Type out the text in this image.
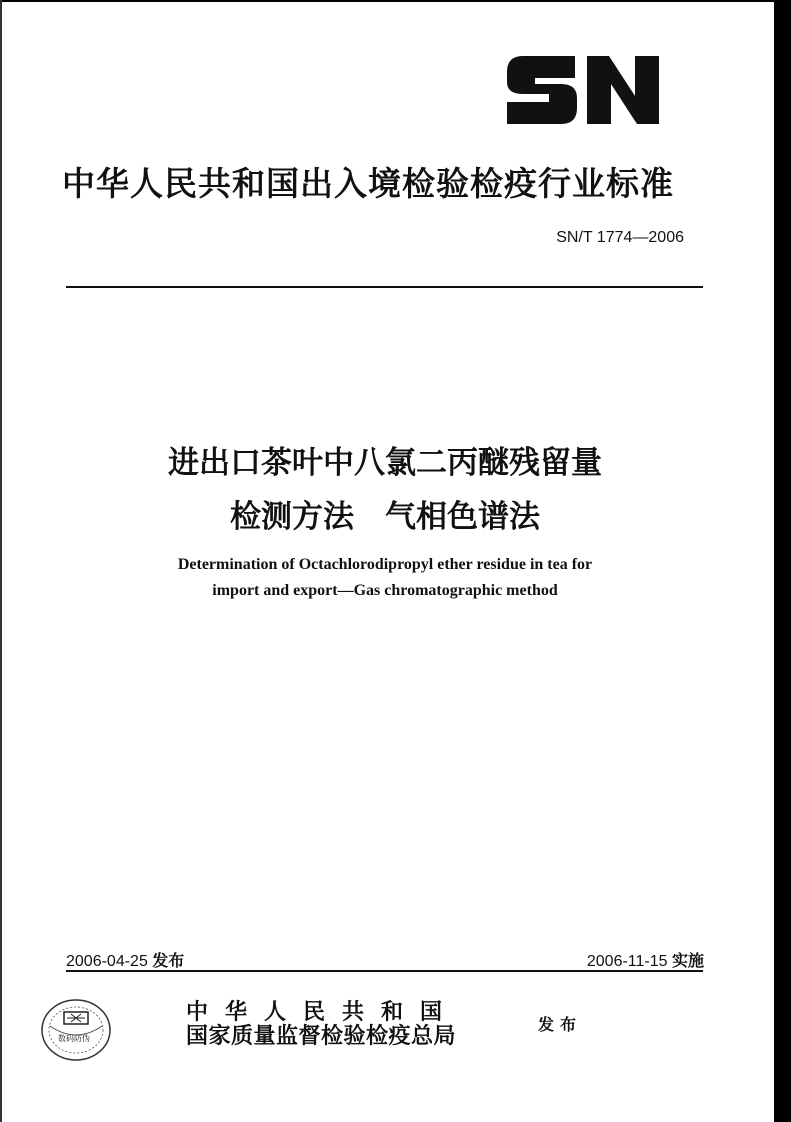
中华人民共和国出入境检验检疫行业标准
SN/T 1774—2006
进出口茶叶中八氯二丙醚残留量
检测方法　气相色谱法
Determination of Octachlorodipropyl ether residue in tea for
import and export—Gas chromatographic method
2006-04-25 发布	2006-11-15 实施
数码防伪
中华人民共和国
国家质量监督检验检疫总局	发布
